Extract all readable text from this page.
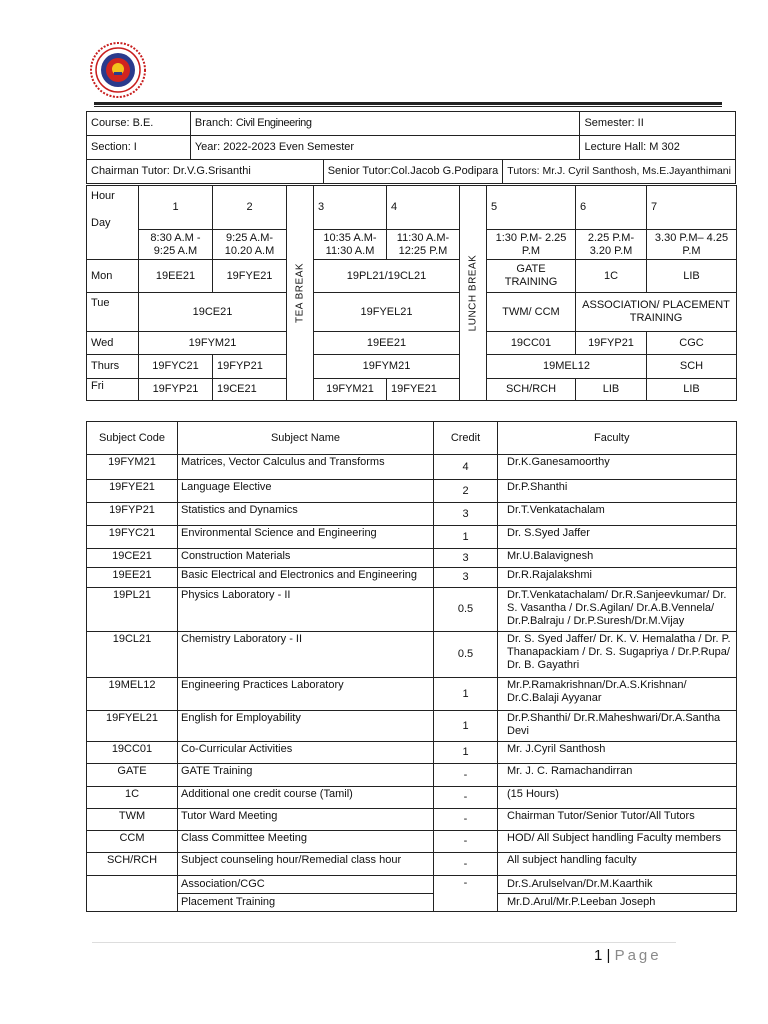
Course: B.E.	Branch: Civil Engineering			Semester: II
Section: I	Year: 2022-2023 Even Semester			Lecture Hall: M 302
Chairman Tutor: Dr.V.G.Srisanthi		Senior Tutor:Col.Jacob G.Podipara	Tutors: Mr.J. Cyril Santhosh, Ms.E.Jayanthimani	
Hour
Day	1	2	TEA BREAK	3	4	LUNCH BREAK	5	6	7
	8:30 A.M - 9:25 A.M	9:25 A.M- 10.20 A.M		10:35 A.M- 11:30 A.M	11:30 A.M- 12:25 P.M		1:30 P.M- 2.25 P.M	2.25 P.M- 3.20 P.M	3.30 P.M– 4.25 P.M
Mon	19EE21	19FYE21		19PL21/19CL21			GATE TRAINING	1C	LIB
Tue	19CE21			19FYEL21			TWM/ CCM	ASSOCIATION/ PLACEMENT TRAINING	
Wed	19FYM21			19EE21			19CC01	19FYP21	CGC
Thurs	19FYC21	19FYP21		19FYM21			19MEL12		SCH
Fri	19FYP21	19CE21		19FYM21	19FYE21		SCH/RCH	LIB	LIB
Subject Code	Subject Name	Credit	Faculty
19FYM21	Matrices, Vector Calculus and Transforms	4	Dr.K.Ganesamoorthy
19FYE21	Language Elective	2	Dr.P.Shanthi
19FYP21	Statistics and Dynamics	3	Dr.T.Venkatachalam
19FYC21	Environmental Science and Engineering	1	Dr. S.Syed Jaffer
19CE21	Construction Materials	3	Mr.U.Balavignesh
19EE21	Basic Electrical and Electronics and Engineering	3	Dr.R.Rajalakshmi
19PL21	Physics Laboratory - II	0.5	Dr.T.Venkatachalam/ Dr.R.Sanjeevkumar/ Dr. S. Vasantha / Dr.S.Agilan/ Dr.A.B.Vennela/ Dr.P.Balraju / Dr.P.Suresh/Dr.M.Vijay
19CL21	Chemistry Laboratory - II	0.5	Dr. S. Syed Jaffer/ Dr. K. V. Hemalatha / Dr. P. Thanapackiam / Dr. S. Sugapriya / Dr.P.Rupa/ Dr. B. Gayathri
19MEL12	Engineering Practices Laboratory	1	Mr.P.Ramakrishnan/Dr.A.S.Krishnan/ Dr.C.Balaji Ayyanar
19FYEL21	English for Employability	1	Dr.P.Shanthi/ Dr.R.Maheshwari/Dr.A.Santha Devi
19CC01	Co-Curricular Activities	1	Mr. J.Cyril Santhosh
GATE	GATE Training	-	Mr. J. C. Ramachandirran
1C	Additional one credit course (Tamil)	-	(15 Hours)
TWM	Tutor Ward Meeting	-	Chairman Tutor/Senior Tutor/All Tutors
CCM	Class Committee Meeting	-	HOD/ All Subject handling Faculty members
SCH/RCH	Subject counseling hour/Remedial class hour	-	All subject handling faculty
	Association/CGC	-	Dr.S.Arulselvan/Dr.M.Kaarthik
	Placement Training		Mr.D.Arul/Mr.P.Leeban Joseph
1 | Page
